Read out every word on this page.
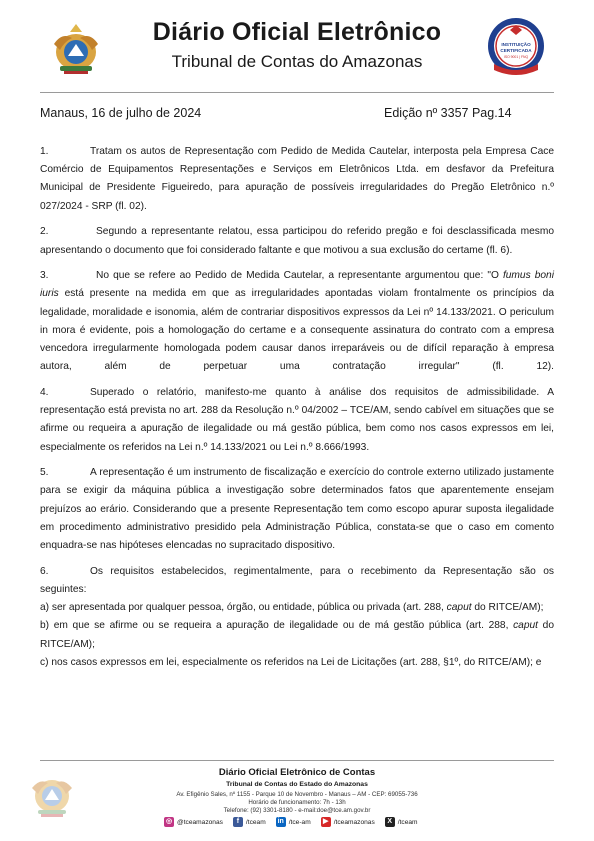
Diário Oficial Eletrônico
Tribunal de Contas do Amazonas
INSTITUIÇÃO
CERTIFICADA
ISO 9001 | FNQ
Manaus, 16 de julho de 2024	Edição nº 3357 Pag.14

1.	Tratam os autos de Representação com Pedido de Medida Cautelar, interposta pela Empresa Cace Comércio de Equipamentos Representações e Serviços em Eletrônicos Ltda. em desfavor da Prefeitura Municipal de Presidente Figueiredo, para apuração de possíveis irregularidades do Pregão Eletrônico n.º 027/2024 - SRP (fl. 02).

2.	Segundo a representante relatou, essa participou do referido pregão e foi desclassificada mesmo apresentando o documento que foi considerado faltante e que motivou a sua exclusão do certame (fl. 6).

3.	No que se refere ao Pedido de Medida Cautelar, a representante argumentou que: "O fumus boni iuris está presente na medida em que as irregularidades apontadas violam frontalmente os princípios da legalidade, moralidade e isonomia, além de contrariar dispositivos expressos da Lei nº 14.133/2021. O periculum in mora é evidente, pois a homologação do certame e a consequente assinatura do contrato com a empresa vencedora irregularmente homologada podem causar danos irreparáveis ou de difícil reparação à empresa autora, além de perpetuar uma contratação irregular" (fl. 12).

4.	Superado o relatório, manifesto-me quanto à análise dos requisitos de admissibilidade. A representação está prevista no art. 288 da Resolução n.º 04/2002 – TCE/AM, sendo cabível em situações que se afirme ou requeira a apuração de ilegalidade ou má gestão pública, bem como nos casos expressos em lei, especialmente os referidos na Lei n.º 14.133/2021 ou Lei n.º 8.666/1993.

5.	A representação é um instrumento de fiscalização e exercício do controle externo utilizado justamente para se exigir da máquina pública a investigação sobre determinados fatos que aparentemente ensejam prejuízos ao erário. Considerando que a presente Representação tem como escopo apurar suposta ilegalidade em procedimento administrativo presidido pela Administração Pública, constata-se que o caso em comento enquadra-se nas hipóteses elencadas no supracitado dispositivo.

6.	Os requisitos estabelecidos, regimentalmente, para o recebimento da Representação são os seguintes:

a) ser apresentada por qualquer pessoa, órgão, ou entidade, pública ou privada (art. 288, caput do RITCE/AM);

b) em que se afirme ou se requeira a apuração de ilegalidade ou de má gestão pública (art. 288, caput do RITCE/AM);

c) nos casos expressos em lei, especialmente os referidos na Lei de Licitações (art. 288, §1º, do RITCE/AM); e

Diário Oficial Eletrônico de Contas
Tribunal de Contas do Estado do Amazonas
Av. Efigênio Sales, nº 1155 - Parque 10 de Novembro - Manaus – AM - CEP: 69055-736
Horário de funcionamento: 7h - 13h
Telefone: (92) 3301-8180 - e-mail:doe@tce.am.gov.br
◎ @tceamazonas	f	/tceam in /tce-am	▶ /tceamazonas	X /tceam
